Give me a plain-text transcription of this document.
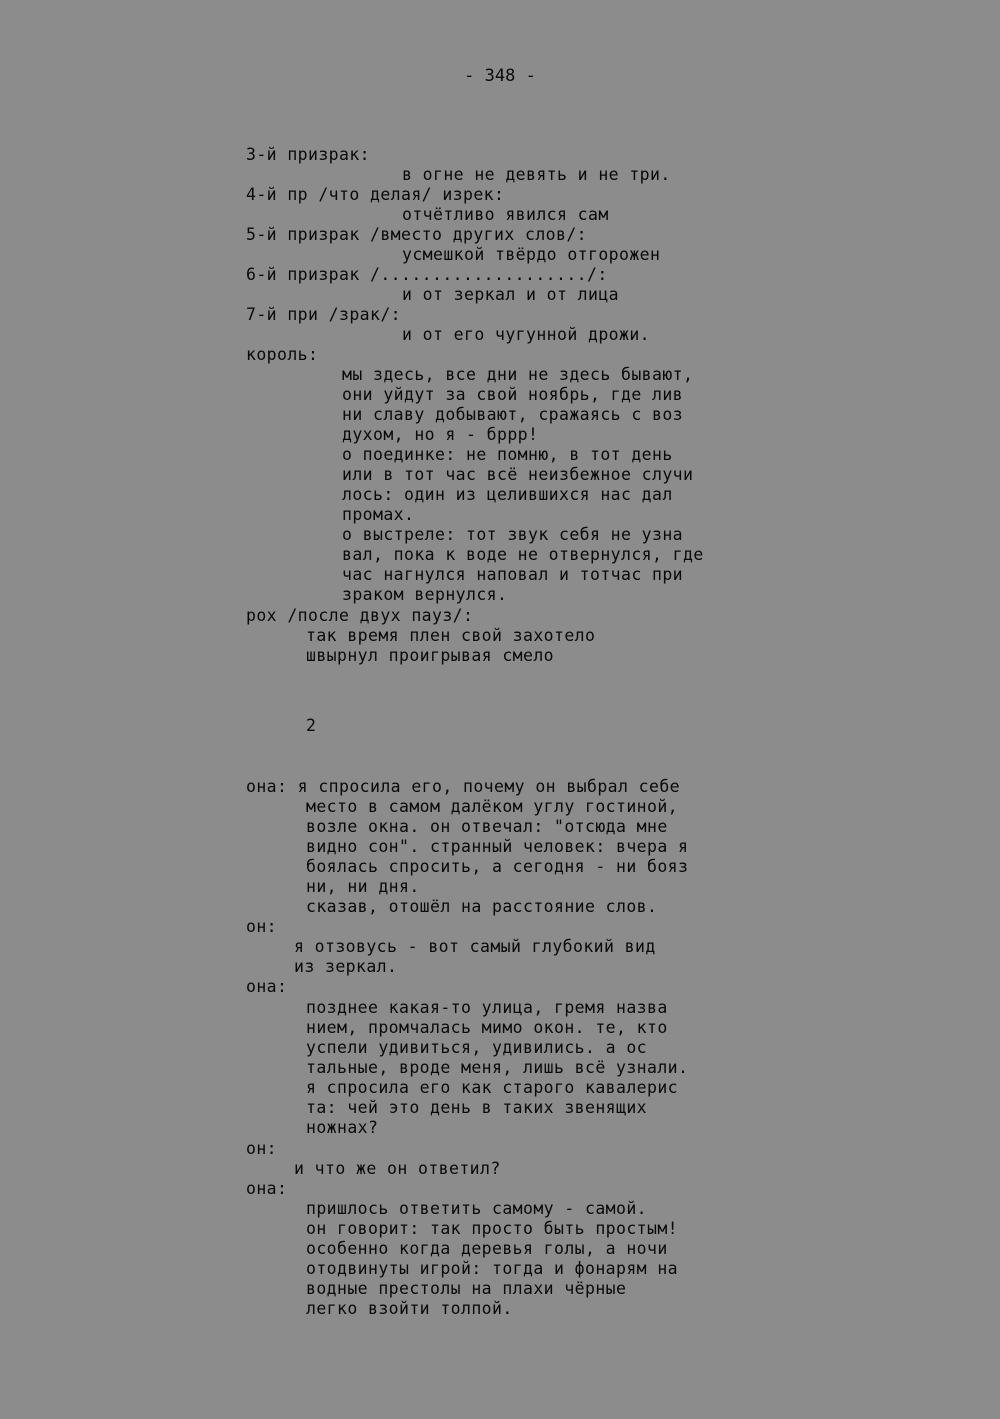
- 348 -
3-й призрак:
в огне не девять и не три.
4-й пр /что делая/ изрек:
отчётливо явился сам
5-й призрак /вместо других слов/:
усмешкой твёрдо отгорожен
6-й призрак /..................../:
и от зеркал и от лица
7-й при /зрак/:
и от его чугунной дрожи.
король:
мы здесь, все дни не здесь бывают,
они уйдут за свой ноябрь, где лив
ни славу добывают, сражаясь с воз
духом, но я - бррр!
о поединке: не помню, в тот день
или в тот час всё неизбежное случи
лось: один из целившихся нас дал
промах.
о выстреле: тот звук себя не узна
вал, пока к воде не отвернулся, где
час нагнулся наповал и тотчас при
зраком вернулся.
рох /после двух пауз/:
так время плен свой захотело
швырнул проигрывая смело
2
она: я спросила его, почему он выбрал себе
место в самом далёком углу гостиной,
возле окна. он отвечал: "отсюда мне
видно сон". странный человек: вчера я
боялась спросить, а сегодня - ни бояз
ни, ни дня.
сказав, отошёл на расстояние слов.
он:
я отзовусь - вот самый глубокий вид
из зеркал.
она:
позднее какая-то улица, гремя назва
нием, промчалась мимо окон. те, кто
успели удивиться, удивились. а ос
тальные, вроде меня, лишь всё узнали.
я спросила его как старого кавалерис
та: чей это день в таких звенящих
ножнах?
он:
и что же он ответил?
она:
пришлось ответить самому - самой.
он говорит: так просто быть простым!
особенно когда деревья голы, а ночи
отодвинуты игрой: тогда и фонарям на
водные престолы на плахи чёрные
легко взойти толпой.
